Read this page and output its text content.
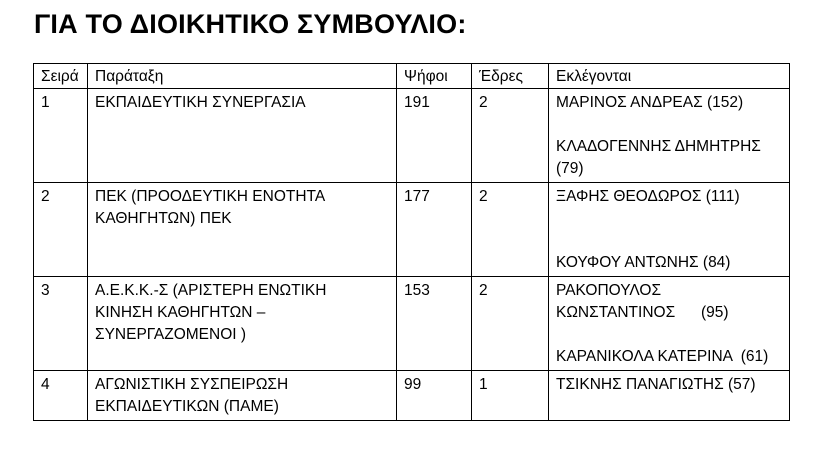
ΓΙΑ ΤΟ ΔΙΟΙΚΗΤΙΚΟ ΣΥΜΒΟΥΛΙΟ:
Σειρά	Παράταξη	Ψήφοι	Έδρες	Εκλέγονται
1	ΕΚΠΑΙΔΕΥΤΙΚΗ ΣΥΝΕΡΓΑΣΙΑ	191	2	ΜΑΡΙΝΟΣ ΑΝΔΡΕΑΣ (152)
ΚΛΑΔΟΓΕΝΝΗΣ ΔΗΜΗΤΡΗΣ
(79)

2	ΠΕΚ (ΠΡΟΟΔΕΥΤΙΚΗ ΕΝΟΤΗΤΑ
ΚΑΘΗΓΗΤΩΝ) ΠΕΚ	177	2	ΞΑΦΗΣ ΘΕΟΔΩΡΟΣ (111)
ΚΟΥΦΟΥ ΑΝΤΩΝΗΣ (84)

3	Α.Ε.Κ.Κ.-Σ (ΑΡΙΣΤΕΡΗ ΕΝΩΤΙΚΗ
ΚΙΝΗΣΗ ΚΑΘΗΓΗΤΩΝ –
ΣΥΝΕΡΓΑΖΟΜΕΝΟΙ )	153	2	ΡΑΚΟΠΟΥΛΟΣ
ΚΩΝΣΤΑΝΤΙΝΟΣ      (95)
ΚΑΡΑΝΙΚΟΛΑ ΚΑΤΕΡΙΝΑ  (61)

4	ΑΓΩΝΙΣΤΙΚΗ ΣΥΣΠΕΙΡΩΣΗ
ΕΚΠΑΙΔΕΥΤΙΚΩΝ (ΠΑΜΕ)	99	1	ΤΣΙΚΝΗΣ ΠΑΝΑΓΙΩΤΗΣ (57)
